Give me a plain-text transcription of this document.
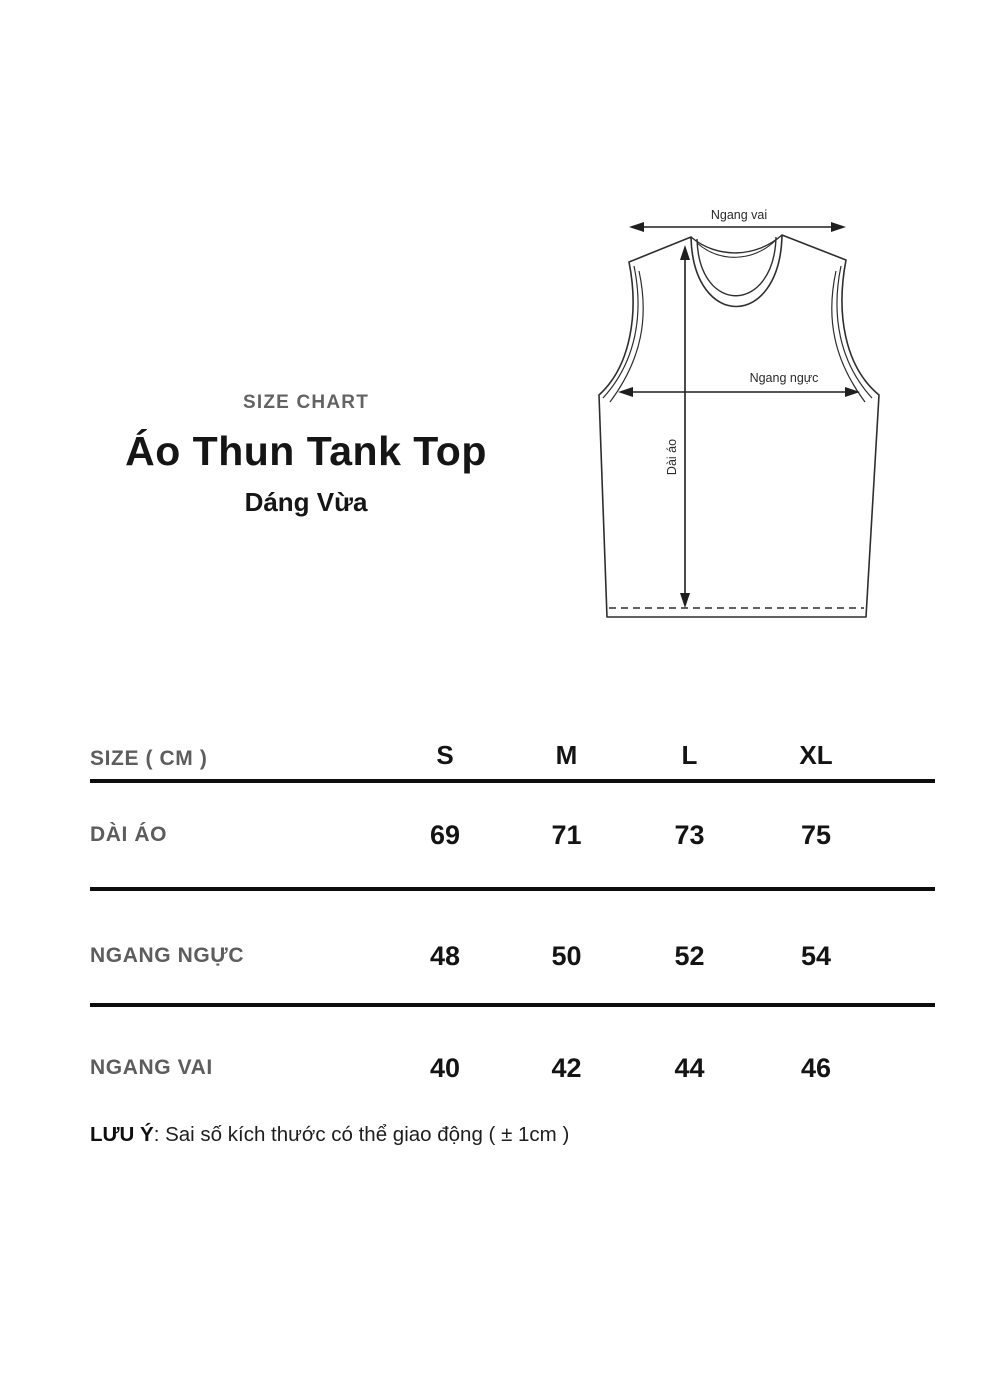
SIZE CHART
Áo Thun Tank Top
Dáng Vừa
Ngang vai
Ngang ngực
Dài áo
SIZE ( CM )	S	M	L	XL
DÀI ÁO	69	71	73	75
NGANG NGỰC	48	50	52	54
NGANG VAI	40	42	44	46
LƯU Ý: Sai số kích thước có thể giao động ( ± 1cm )
